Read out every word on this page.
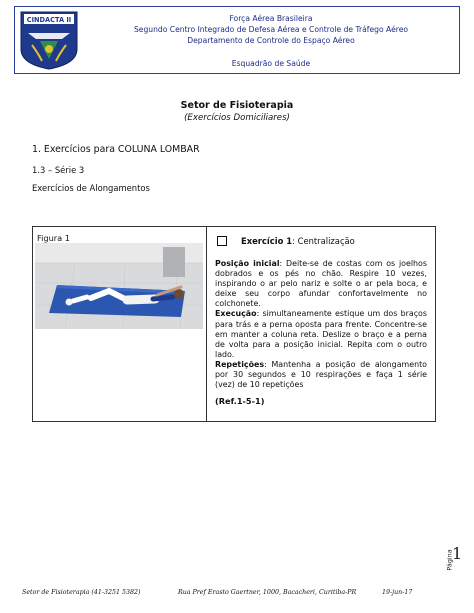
CINDACTA II	Força Aérea Brasileira
Segundo Centro Integrado de Defesa Aérea e Controle de Tráfego Aéreo
Departamento de Controle do Espaço Aéreo
Esquadrão de Saúde
Setor de Fisioterapia
(Exercícios Domiciliares)
1. Exercícios para COLUNA LOMBAR
1.3 – Série 3
Exercícios de Alongamentos
Figura 1	Exercício 1: Centralização
Posição inicial: Deite-se de costas com os joelhos dobrados e os pés no chão. Respire 10 vezes, inspirando o ar pelo nariz e solte o ar pela boca, e deixe seu corpo afundar confortavelmente no colchonete.
Execução: simultaneamente estique um dos braços para trás e a perna oposta para frente. Concentre-se em manter a coluna reta. Deslize o braço e a perna de volta para a posição inicial. Repita com o outro lado.
Repetições: Mantenha a posição de alongamento por 30 segundos e 10 respirações e faça 1 série (vez) de 10 repetições
(Ref.1-5-1)
Página
1
Setor de Fisioterapia (41-3251 5382)	Rua Pref Erasto Gaertner, 1000, Bacacheri, Curitiba-PR	19-jun-17
